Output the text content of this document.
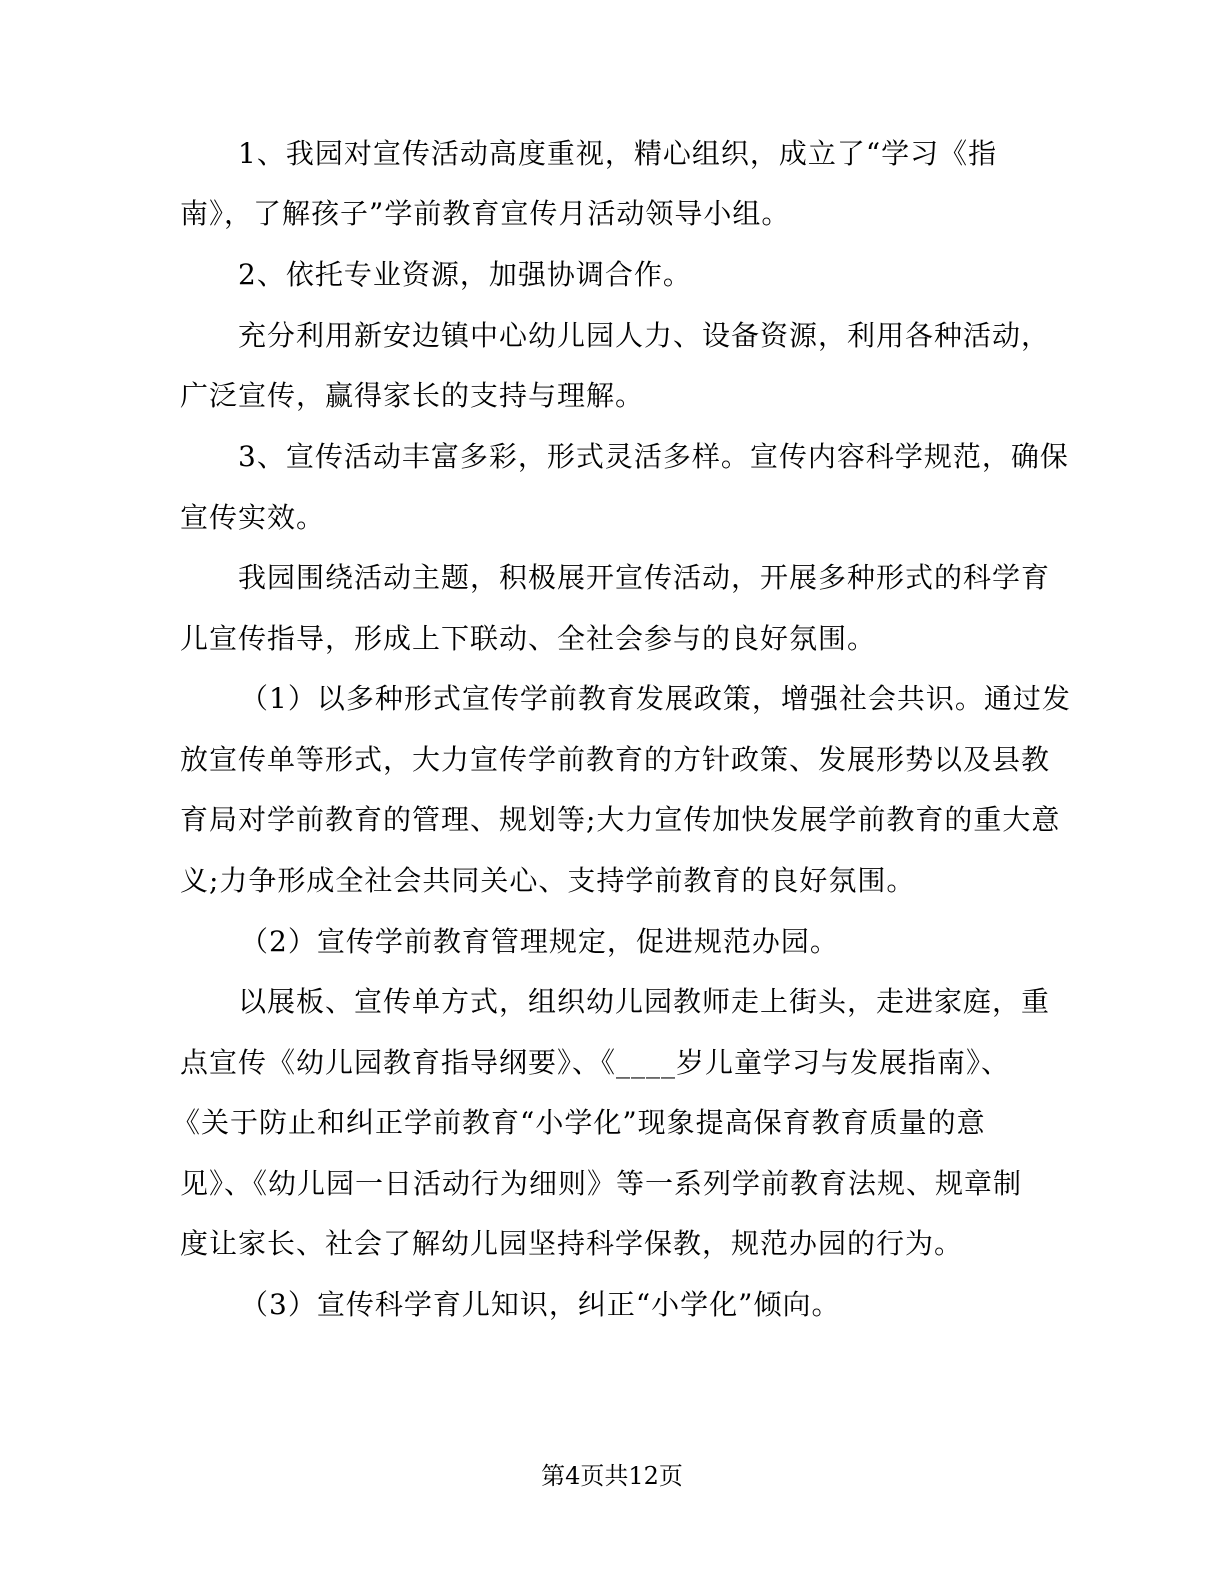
1、我园对宣传活动高度重视，精心组织，成立了“学习《指
南》，了解孩子”学前教育宣传月活动领导小组。
2、依托专业资源，加强协调合作。
充分利用新安边镇中心幼儿园人力、设备资源，利用各种活动，
广泛宣传，赢得家长的支持与理解。
3、宣传活动丰富多彩，形式灵活多样。宣传内容科学规范，确保
宣传实效。
我园围绕活动主题，积极展开宣传活动，开展多种形式的科学育
儿宣传指导，形成上下联动、全社会参与的良好氛围。
（1）以多种形式宣传学前教育发展政策，增强社会共识。通过发
放宣传单等形式，大力宣传学前教育的方针政策、发展形势以及县教
育局对学前教育的管理、规划等;大力宣传加快发展学前教育的重大意
义;力争形成全社会共同关心、支持学前教育的良好氛围。
（2）宣传学前教育管理规定，促进规范办园。
以展板、宣传单方式，组织幼儿园教师走上街头，走进家庭，重
点宣传《幼儿园教育指导纲要》、《____岁儿童学习与发展指南》、
《关于防止和纠正学前教育“小学化”现象提高保育教育质量的意
见》、《幼儿园一日活动行为细则》等一系列学前教育法规、规章制
度让家长、社会了解幼儿园坚持科学保教，规范办园的行为。
（3）宣传科学育儿知识，纠正“小学化”倾向。
第4页共12页
